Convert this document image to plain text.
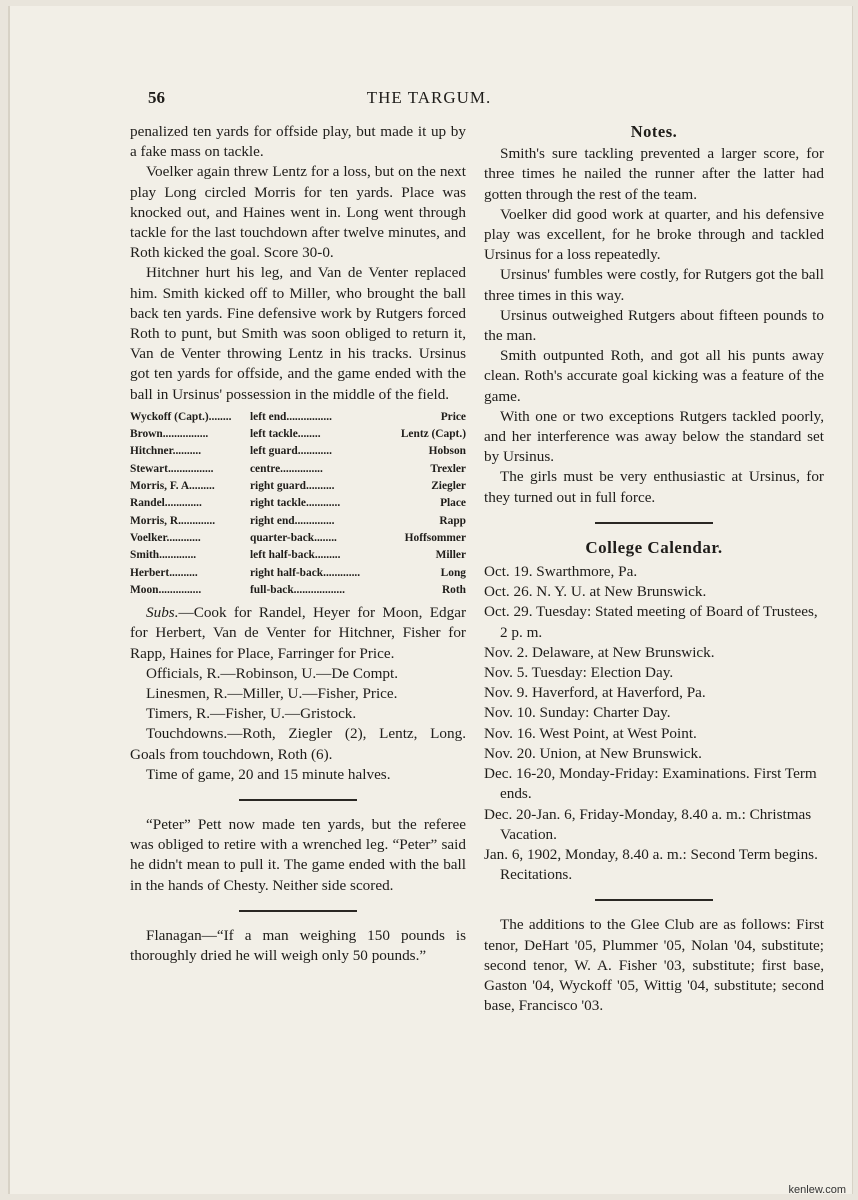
56	THE TARGUM.

penalized ten yards for offside play, but made it up by a fake mass on tackle.

Voelker again threw Lentz for a loss, but on the next play Long circled Morris for ten yards. Place was knocked out, and Haines went in. Long went through tackle for the last touchdown after twelve minutes, and Roth kicked the goal. Score 30-0.

Hitchner hurt his leg, and Van de Venter replaced him. Smith kicked off to Miller, who brought the ball back ten yards. Fine defensive work by Rutgers forced Roth to punt, but Smith was soon obliged to return it, Van de Venter throwing Lentz in his tracks. Ursinus got ten yards for offside, and the game ended with the ball in Ursinus' possession in the middle of the field.

Wyckoff (Capt.)........	left end................	Price
Brown................	left tackle........	Lentz (Capt.)
Hitchner..........	left guard............	Hobson
Stewart................	centre...............	Trexler
Morris, F. A.........	right guard..........	Ziegler
Randel.............	right tackle............	Place
Morris, R.............	right end..............	Rapp
Voelker............	quarter-back........	Hoffsommer
Smith.............	left half-back.........	Miller
Herbert..........	right half-back.............	Long
Moon...............	full-back..................	Roth

Subs.—Cook for Randel, Heyer for Moon, Edgar for Herbert, Van de Venter for Hitchner, Fisher for Rapp, Haines for Place, Farringer for Price.

Officials, R.—Robinson, U.—De Compt.

Linesmen, R.—Miller, U.—Fisher, Price.

Timers, R.—Fisher, U.—Gristock.

Touchdowns.—Roth, Ziegler (2), Lentz, Long. Goals from touchdown, Roth (6).

Time of game, 20 and 15 minute halves.

“Peter” Pett now made ten yards, but the referee was obliged to retire with a wrenched leg. “Peter” said he didn't mean to pull it. The game ended with the ball in the hands of Chesty. Neither side scored.

Flanagan—“If a man weighing 150 pounds is thoroughly dried he will weigh only 50 pounds.”

Notes.

Smith's sure tackling prevented a larger score, for three times he nailed the runner after the latter had gotten through the rest of the team.

Voelker did good work at quarter, and his defensive play was excellent, for he broke through and tackled Ursinus for a loss repeatedly.

Ursinus' fumbles were costly, for Rutgers got the ball three times in this way.

Ursinus outweighed Rutgers about fifteen pounds to the man.

Smith outpunted Roth, and got all his punts away clean. Roth's accurate goal kicking was a feature of the game.

With one or two exceptions Rutgers tackled poorly, and her interference was away below the standard set by Ursinus.

The girls must be very enthusiastic at Ursinus, for they turned out in full force.

College Calendar.
Oct. 19. Swarthmore, Pa.
Oct. 26. N. Y. U. at New Brunswick.
Oct. 29. Tuesday: Stated meeting of Board of Trustees, 2 p. m.
Nov. 2. Delaware, at New Brunswick.
Nov. 5. Tuesday: Election Day.
Nov. 9. Haverford, at Haverford, Pa.
Nov. 10. Sunday: Charter Day.
Nov. 16. West Point, at West Point.
Nov. 20. Union, at New Brunswick.
Dec. 16-20, Monday-Friday: Examinations. First Term ends.
Dec. 20-Jan. 6, Friday-Monday, 8.40 a. m.: Christmas Vacation.
Jan. 6, 1902, Monday, 8.40 a. m.: Second Term begins. Recitations.

The additions to the Glee Club are as follows: First tenor, DeHart '05, Plummer '05, Nolan '04, substitute; second tenor, W. A. Fisher '03, substitute; first base, Gaston '04, Wyckoff '05, Wittig '04, substitute; second base, Francisco '03.

kenlew.com
